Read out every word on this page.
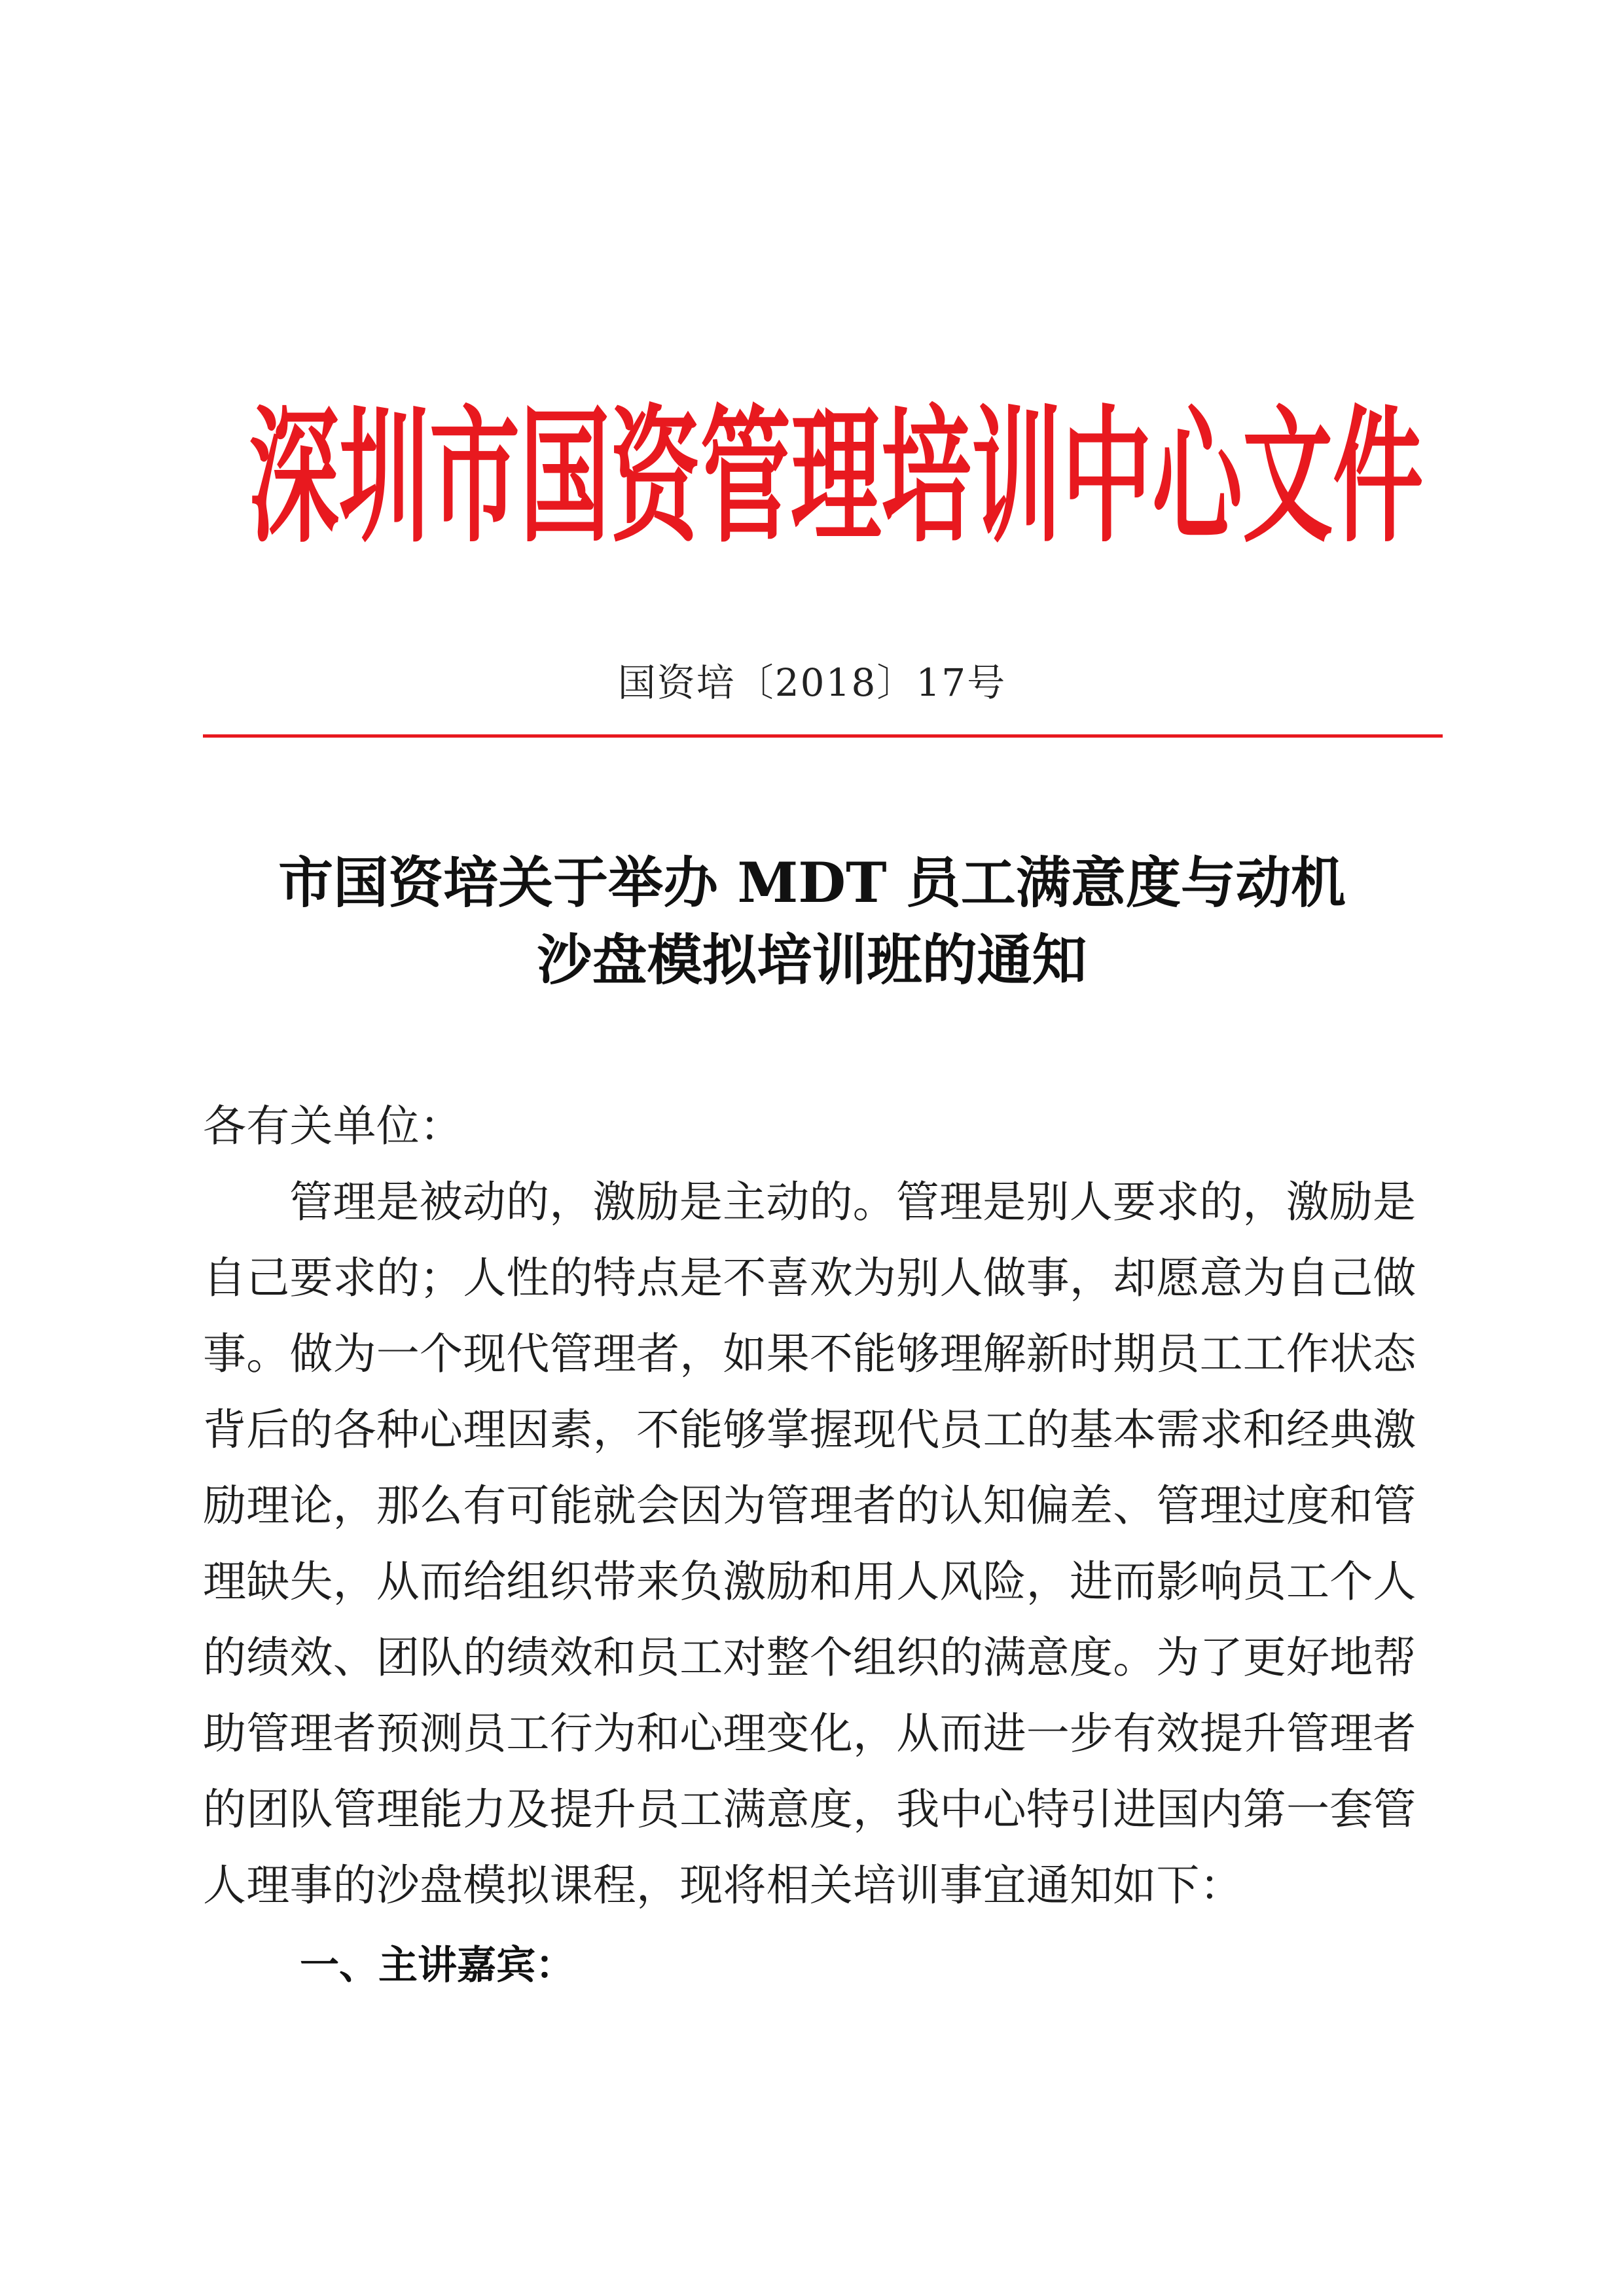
深 圳 市 国 资 管 理 培 训 中 心 文 件
国资培〔2018〕17号
市国资培关于举办 MDT 员工满意度与动机
沙盘模拟培训班的通知
各有关单位：
管理是被动的，激励是主动的。管理是别人要求的，激励是
自己要求的；人性的特点是不喜欢为别人做事，却愿意为自己做
事。做为一个现代管理者，如果不能够理解新时期员工工作状态
背后的各种心理因素，不能够掌握现代员工的基本需求和经典激
励理论，那么有可能就会因为管理者的认知偏差、管理过度和管
理缺失，从而给组织带来负激励和用人风险，进而影响员工个人
的绩效、团队的绩效和员工对整个组织的满意度。为了更好地帮
助管理者预测员工行为和心理变化，从而进一步有效提升管理者
的团队管理能力及提升员工满意度，我中心特引进国内第一套管
人理事的沙盘模拟课程，现将相关培训事宜通知如下：
一、主讲嘉宾：
